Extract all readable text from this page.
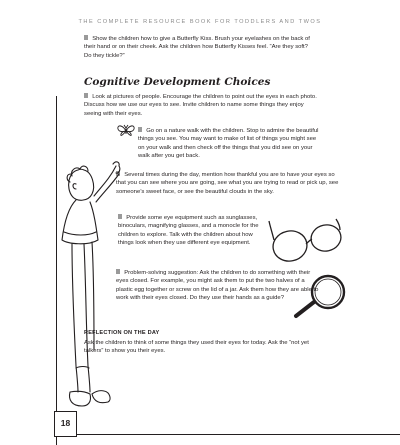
THE COMPLETE RESOURCE BOOK FOR TODDLERS AND TWOS

Show the children how to give a Butterfly Kiss. Brush your eyelashes on the back of their hand or on their cheek. Ask the children how Butterfly Kisses feel. “Are they soft? Do they tickle?”

Cognitive Development Choices

Look at pictures of people. Encourage the children to point out the eyes in each photo. Discuss how we use our eyes to see. Invite children to name some things they enjoy seeing with their eyes.

Go on a nature walk with the children. Stop to admire the beautiful things you see. You may want to make of list of things you might see on your walk and then check off the things that you did see on your walk after you get back.

Several times during the day, mention how thankful you are to have your eyes so that you can see where you are going, see what you are trying to read or pick up, see someone’s sweet face, or see the beautiful clouds in the sky.

Provide some eye equipment such as sunglasses, binoculars, magnifying glasses, and a monocle for the children to explore. Talk with the children about how things look when they use different eye equipment.

Problem-solving suggestion: Ask the children to do something with their eyes closed. For example, you might ask them to put the two halves of a plastic egg together or screw on the lid of a jar. Ask them how they are able to work with their eyes closed. Do they use their hands as a guide?

REFLECTION ON THE DAY

Ask the children to think of some things they used their eyes for today. Ask the “not yet talkers” to show you their eyes.

18
